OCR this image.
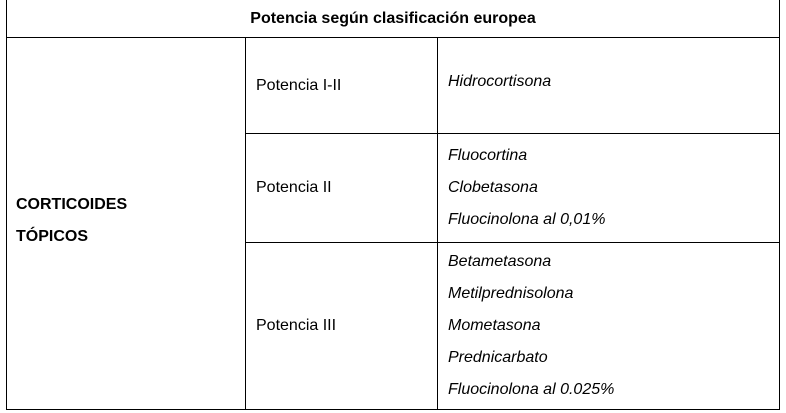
Potencia según clasificación europea
CORTICOIDES
TÓPICOS
Potencia I-II	Hidrocortisona
Potencia II
Fluocortina
Clobetasona
Fluocinolona al 0,01%
Potencia III
Betametasona
Metilprednisolona
Mometasona
Prednicarbato
Fluocinolona al 0.025%
